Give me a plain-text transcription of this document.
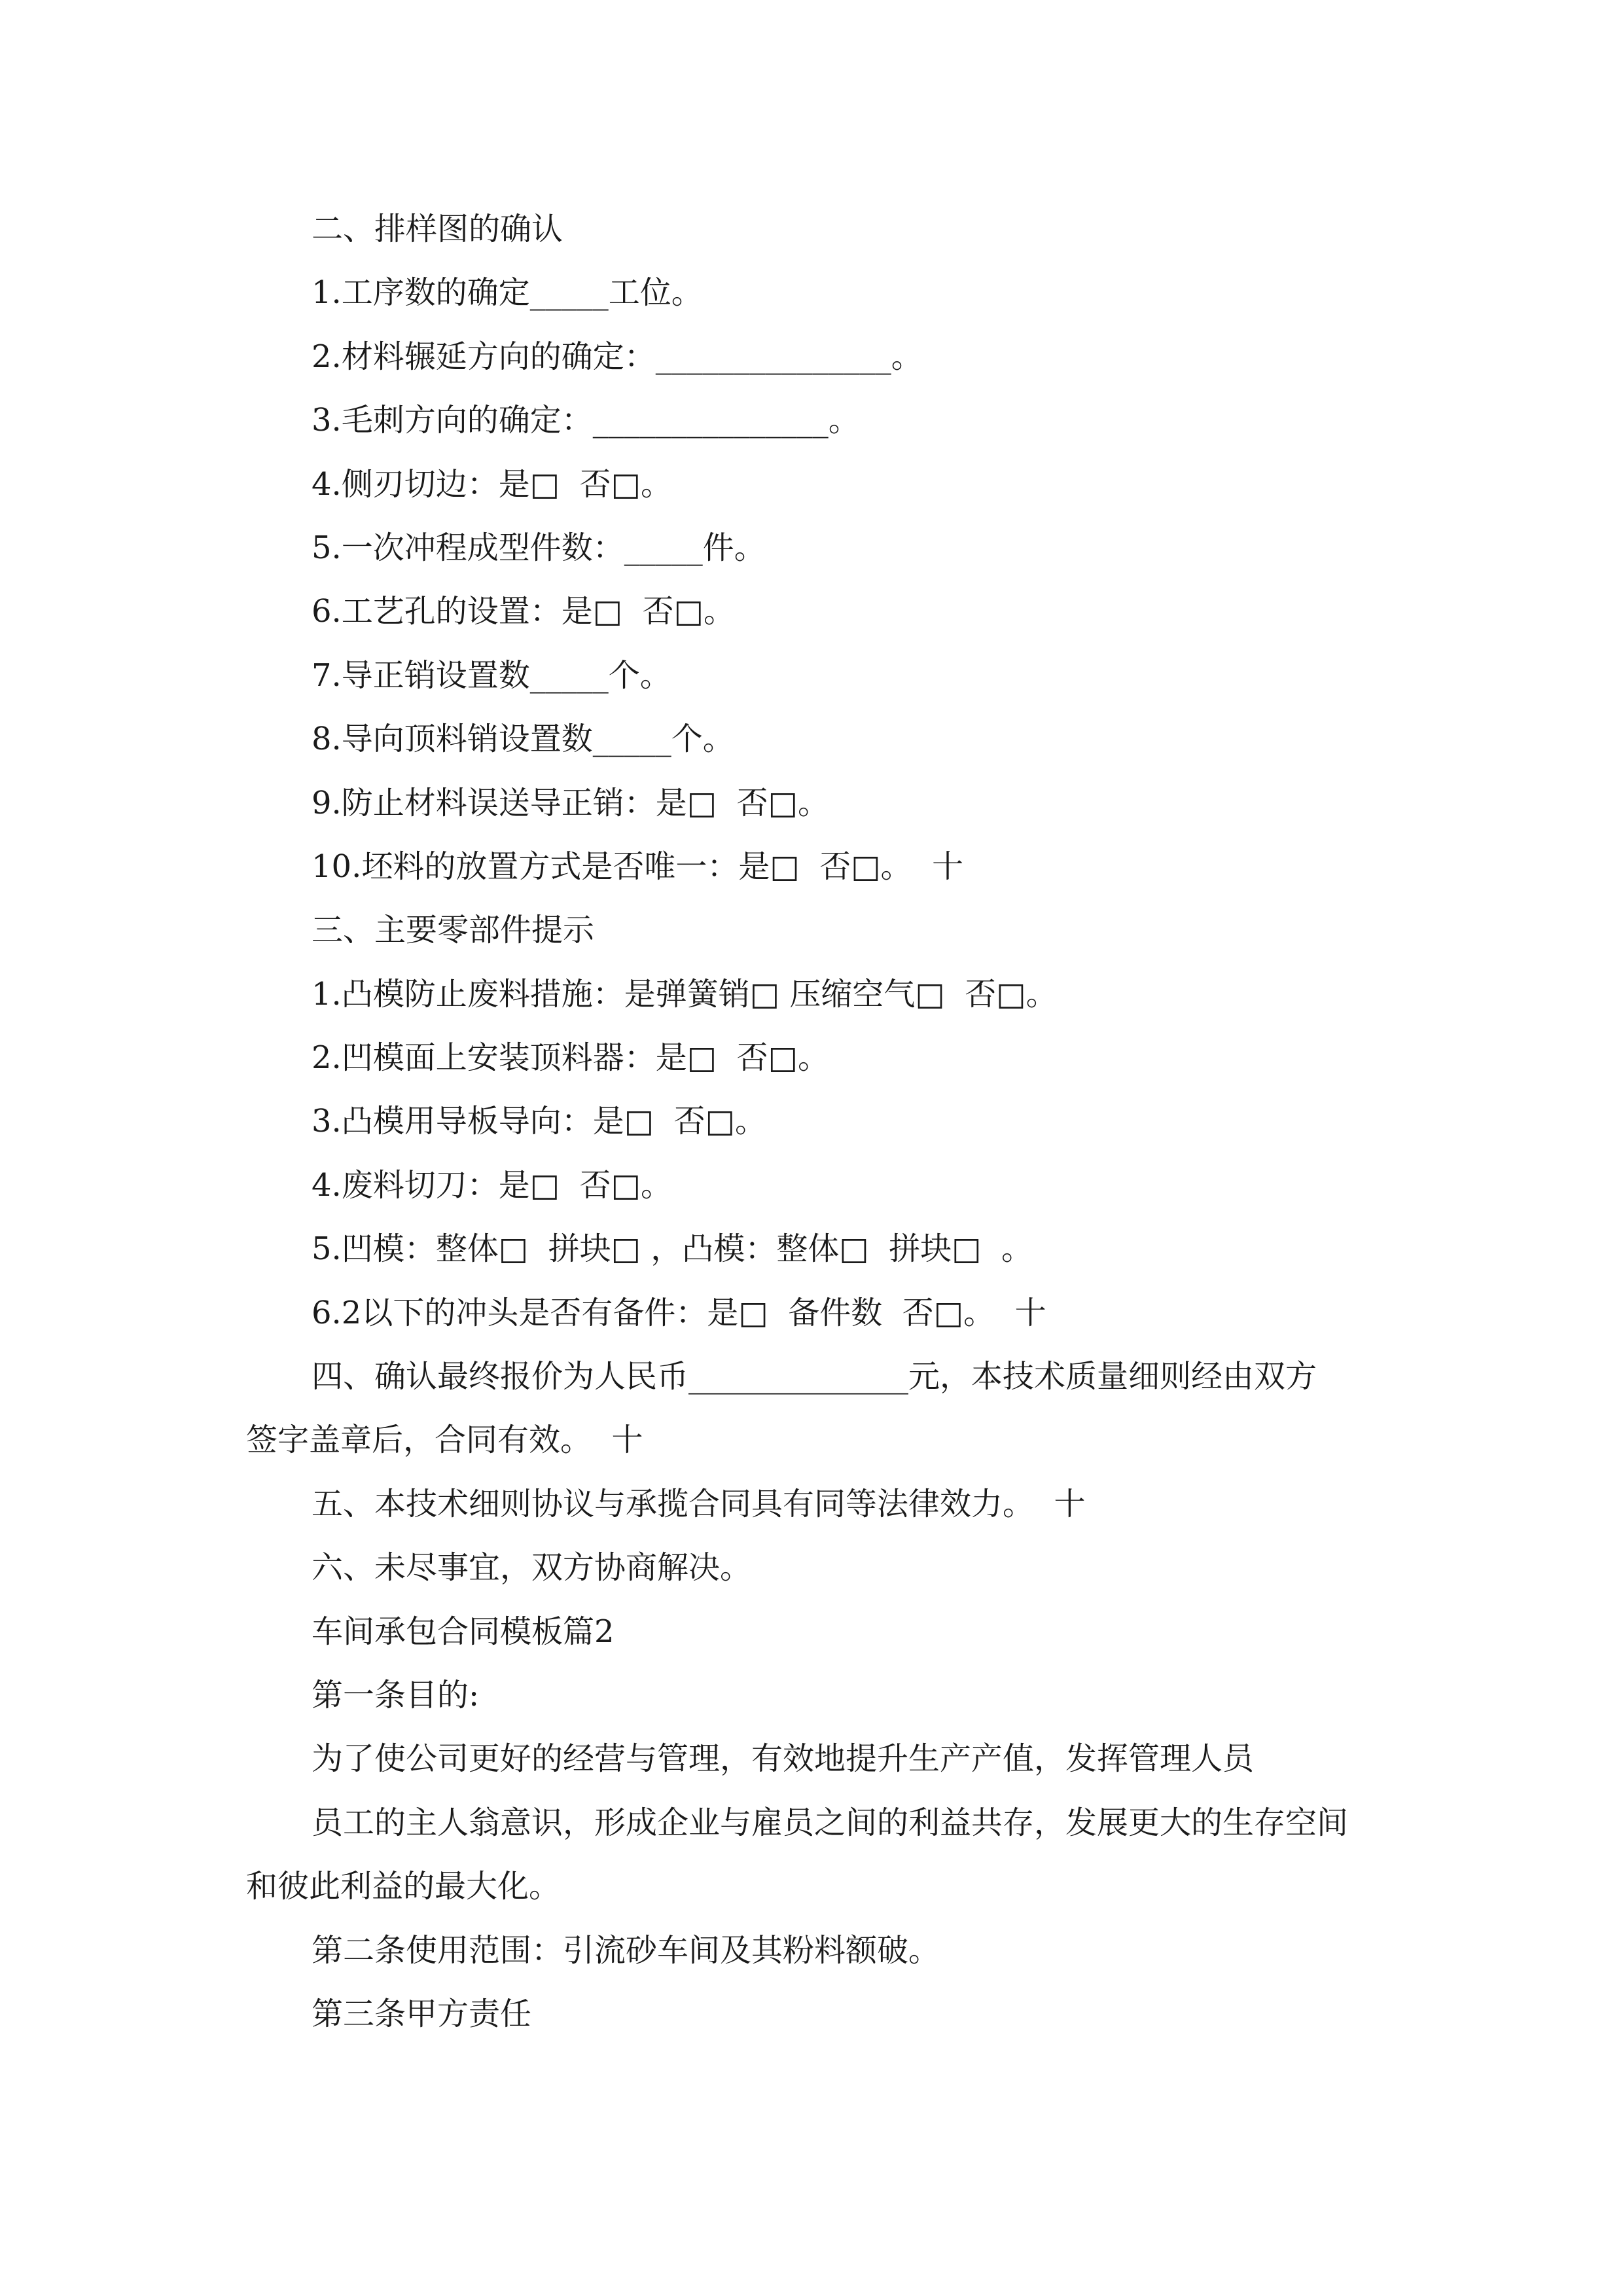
二、排样图的确认
1.工序数的确定_____工位。
2.材料辗延方向的确定：_______________。
3.毛刺方向的确定：_______________。
4.侧刃切边：是□  否□。
5.一次冲程成型件数：_____件。
6.工艺孔的设置：是□  否□。
7.导正销设置数_____个。
8.导向顶料销设置数_____个。
9.防止材料误送导正销：是□  否□。
10.坯料的放置方式是否唯一：是□  否□。  十
三、主要零部件提示
1.凸模防止废料措施：是弹簧销□ 压缩空气□  否□。
2.凹模面上安装顶料器：是□  否□。
3.凸模用导板导向：是□  否□。
4.废料切刀：是□  否□。
5.凹模：整体□  拼块□ ，凸模：整体□  拼块□  。
6.2以下的冲头是否有备件：是□  备件数  否□。  十
四、确认最终报价为人民币______________元，本技术质量细则经由双方
签字盖章后，合同有效。  十
五、本技术细则协议与承揽合同具有同等法律效力。  十
六、未尽事宜，双方协商解决。
车间承包合同模板篇2
第一条目的:
为了使公司更好的经营与管理，有效地提升生产产值，发挥管理人员
员工的主人翁意识，形成企业与雇员之间的利益共存，发展更大的生存空间
和彼此利益的最大化。
第二条使用范围：引流砂车间及其粉料额破。
第三条甲方责任
